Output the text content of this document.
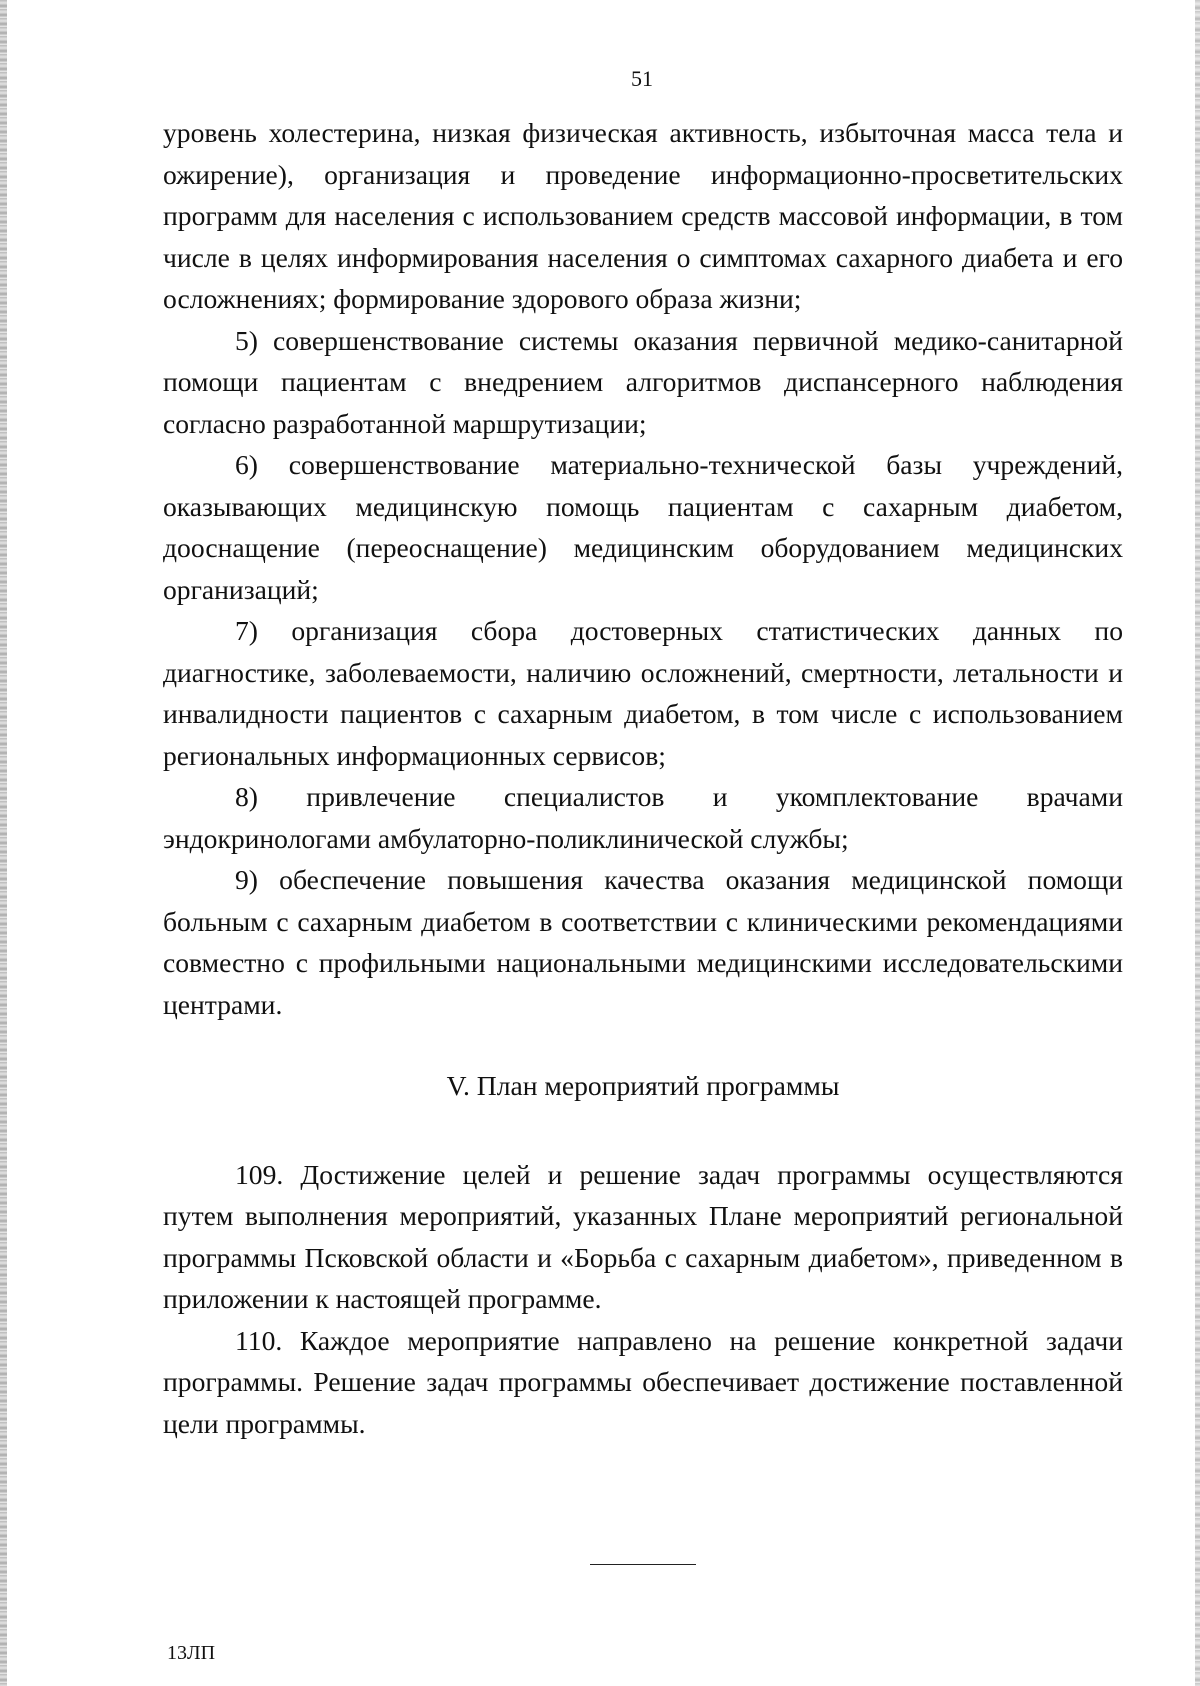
51

уровень холестерина, низкая физическая активность, избыточная масса тела и ожирение), организация и проведение информационно-просветительских программ для населения с использованием средств массовой информации, в том числе в целях информирования населения о симптомах сахарного диабета и его осложнениях; формирование здорового образа жизни;

5) совершенствование системы оказания первичной медико-санитарной помощи пациентам с внедрением алгоритмов диспансерного наблюдения согласно разработанной маршрутизации;

6) совершенствование материально-технической базы учреждений, оказывающих медицинскую помощь пациентам с сахарным диабетом, дооснащение (переоснащение) медицинским оборудованием медицинских организаций;

7) организация сбора достоверных статистических данных по диагностике, заболеваемости, наличию осложнений, смертности, летальности и инвалидности пациентов с сахарным диабетом, в том числе с использованием региональных информационных сервисов;

8) привлечение специалистов и укомплектование врачами эндокринологами амбулаторно-поликлинической службы;

9) обеспечение повышения качества оказания медицинской помощи больным с сахарным диабетом в соответствии с клиническими рекомендациями совместно с профильными национальными медицинскими исследовательскими центрами.

V. План мероприятий программы

109. Достижение целей и решение задач программы осуществляются путем выполнения мероприятий, указанных Плане мероприятий региональной программы Псковской области и «Борьба с сахарным диабетом», приведенном в приложении к настоящей программе.

110. Каждое мероприятие направлено на решение конкретной задачи программы. Решение задач программы обеспечивает достижение поставленной цели программы.

13ЛП
